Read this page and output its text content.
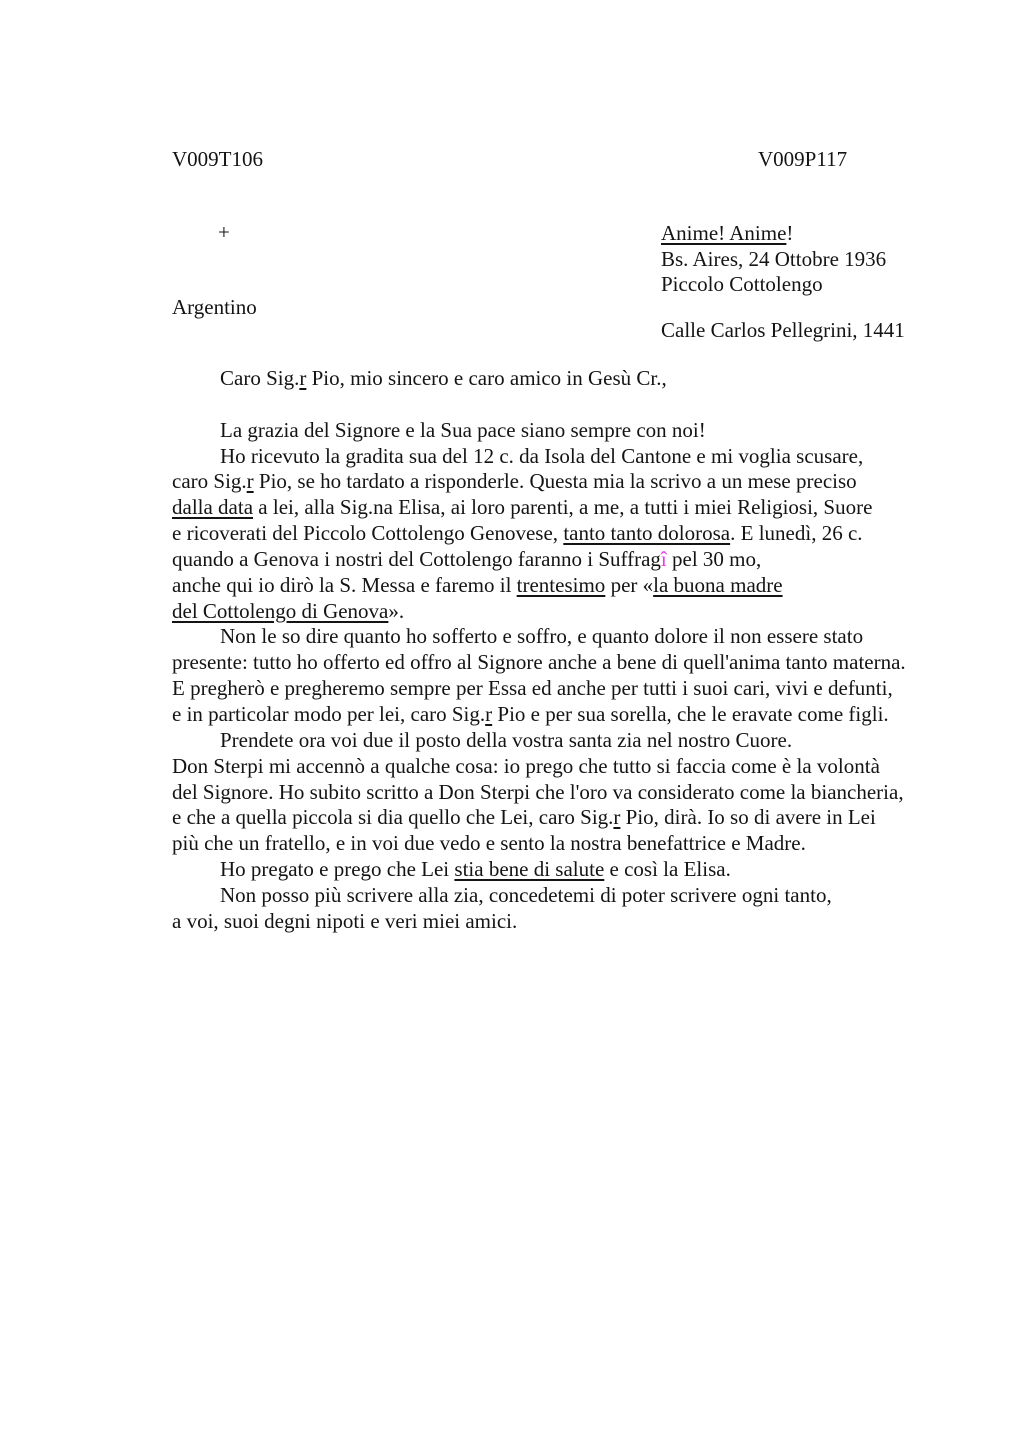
V009T106	V009P117
+	Anime! Anime!
Bs. Aires, 24 Ottobre 1936
Piccolo Cottolengo
Argentino
Calle Carlos Pellegrini, 1441
Caro Sig.r Pio, mio sincero e caro amico in Gesù Cr.,

La grazia del Signore e la Sua pace siano sempre con noi!
Ho ricevuto la gradita sua del 12 c. da Isola del Cantone e mi voglia scusare,
caro Sig.r Pio, se ho tardato a risponderle. Questa mia la scrivo a un mese preciso
dalla data a lei, alla Sig.na Elisa, ai loro parenti, a me, a tutti i miei Religiosi, Suore
e ricoverati del Piccolo Cottolengo Genovese, tanto tanto dolorosa. E lunedì, 26 c.
quando a Genova i nostri del Cottolengo faranno i Suffragî pel 30 mo,
anche qui io dirò la S. Messa e faremo il trentesimo per «la buona madre
del Cottolengo di Genova».
Non le so dire quanto ho sofferto e soffro, e quanto dolore il non essere stato
presente: tutto ho offerto ed offro al Signore anche a bene di quell'anima tanto materna.
E pregherò e pregheremo sempre per Essa ed anche per tutti i suoi cari, vivi e defunti,
e in particolar modo per lei, caro Sig.r Pio e per sua sorella, che le eravate come figli.
Prendete ora voi due il posto della vostra santa zia nel nostro Cuore.
Don Sterpi mi accennò a qualche cosa: io prego che tutto si faccia come è la volontà
del Signore. Ho subito scritto a Don Sterpi che l'oro va considerato come la biancheria,
e che a quella piccola si dia quello che Lei, caro Sig.r Pio, dirà. Io so di avere in Lei
più che un fratello, e in voi due vedo e sento la nostra benefattrice e Madre.
Ho pregato e prego che Lei stia bene di salute e così la Elisa.
Non posso più scrivere alla zia, concedetemi di poter scrivere ogni tanto,
a voi, suoi degni nipoti e veri miei amici.
